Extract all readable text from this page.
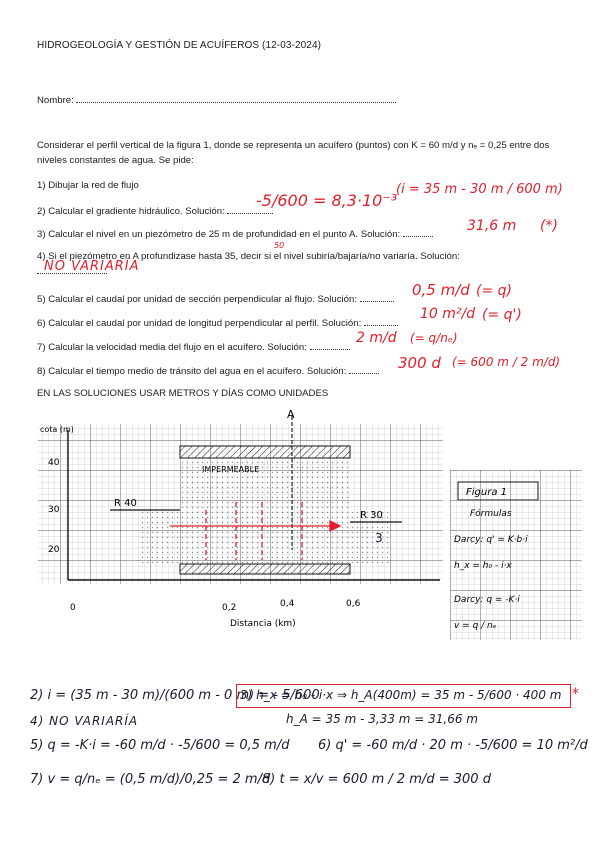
HIDROGEOLOGÍA Y GESTIÓN DE ACUÍFEROS (12-03-2024)
Nombre:
Considerar el perfil vertical de la figura 1, donde se representa un acuífero (puntos) con K = 60 m/d y nₑ = 0,25 entre dos niveles constantes de agua. Se pide:
1) Dibujar la red de flujo
2) Calcular el gradiente hidráulico. Solución:
-5/600 = 8,3·10⁻³
(i = 35 m - 30 m / 600 m)
3) Calcular el nivel en un piezómetro de 25 m de profundidad en el punto A. Solución:
31,6 m (*)
4) Si el piezómetro en A profundizase hasta 35, decir si el nivel subiría/bajaría/no variaría. Solución:
50
NO VARIARÍA
5) Calcular el caudal por unidad de sección perpendicular al flujo. Solución:
0,5 m/d (= q)
6) Calcular el caudal por unidad de longitud perpendicular al perfil. Solución:
10 m²/d (= q')
7) Calcular la velocidad media del flujo en el acuífero. Solución:
2 m/d (= q/nₑ)
8) Calcular el tiempo medio de tránsito del agua en el acuífero. Solución:	300 d (= 600 m / 2 m/d)
EN LAS SOLUCIONES USAR METROS Y DÍAS COMO UNIDADES
cota (m)
40
30
20
0	0,2	0,4	0,6
Distancia (km)
R 40
R 30
A
3
Figura 1
Fórmulas
Darcy: q' = K·b·i
h_x = h₀ - i·x
Darcy: q = -K·i
v = q / nₑ
2) i = (35 m - 30 m)/(600 m - 0 m) = - 5/600
3) h_x = h₀ - i·x ⇒ h_A(400m) = 35 m - 5/600 · 400 m *
h_A = 35 m - 3,33 m = 31,66 m
4) NO VARIARÍA
5) q = -K·i = -60 m/d · -5/600 = 0,5 m/d 6) q' = -60 m/d · 20 m · -5/600 = 10 m²/d
7) v = q/nₑ = (0,5 m/d)/0,25 = 2 m/d
8) t = x/v = 600 m / 2 m/d = 300 d
